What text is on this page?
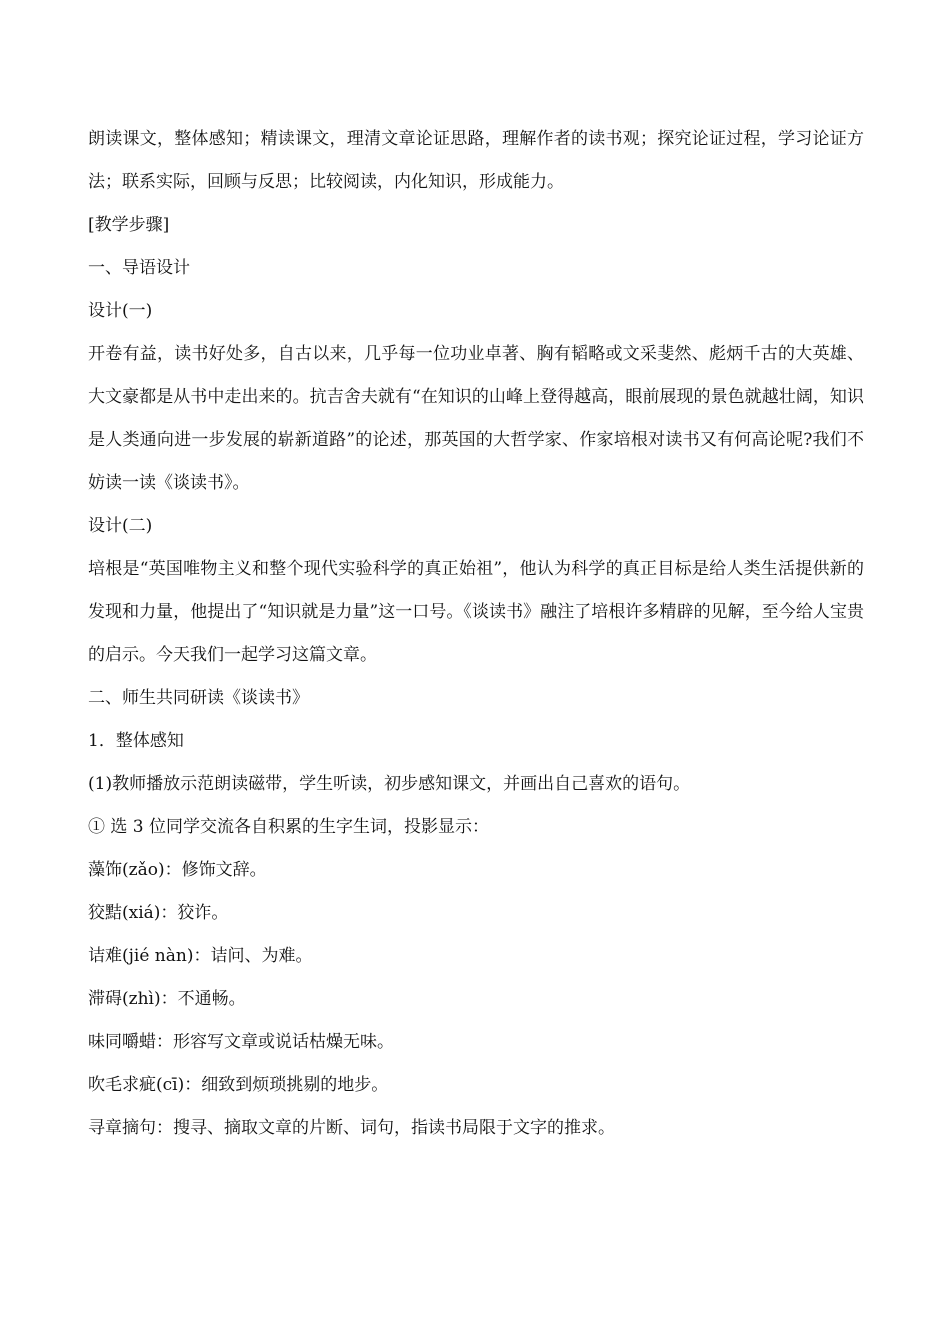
朗读课文，整体感知；精读课文，理清文章论证思路，理解作者的读书观；探究论证过程，学习论证方法；联系实际，回顾与反思；比较阅读，内化知识，形成能力。

[教学步骤]

一、导语设计

设计(一)

开卷有益，读书好处多，自古以来，几乎每一位功业卓著、胸有韬略或文采斐然、彪炳千古的大英雄、大文豪都是从书中走出来的。抗吉舍夫就有“在知识的山峰上登得越高，眼前展现的景色就越壮阔，知识是人类通向进一步发展的崭新道路”的论述，那英国的大哲学家、作家培根对读书又有何高论呢?我们不妨读一读《谈读书》。

设计(二)

培根是“英国唯物主义和整个现代实验科学的真正始祖”，他认为科学的真正目标是给人类生活提供新的发现和力量，他提出了“知识就是力量”这一口号。《谈读书》融注了培根许多精辟的见解，至今给人宝贵的启示。今天我们一起学习这篇文章。

二、师生共同研读《谈读书》

1．整体感知

(1)教师播放示范朗读磁带，学生听读，初步感知课文，并画出自己喜欢的语句。

① 选 3 位同学交流各自积累的生字生词，投影显示：

藻饰(zǎo)：修饰文辞。

狡黠(xiá)：狡诈。

诘难(jié nàn)：诘问、为难。

滞碍(zhì)：不通畅。

味同嚼蜡：形容写文章或说话枯燥无味。

吹毛求疵(cī)：细致到烦琐挑剔的地步。

寻章摘句：搜寻、摘取文章的片断、词句，指读书局限于文字的推求。
